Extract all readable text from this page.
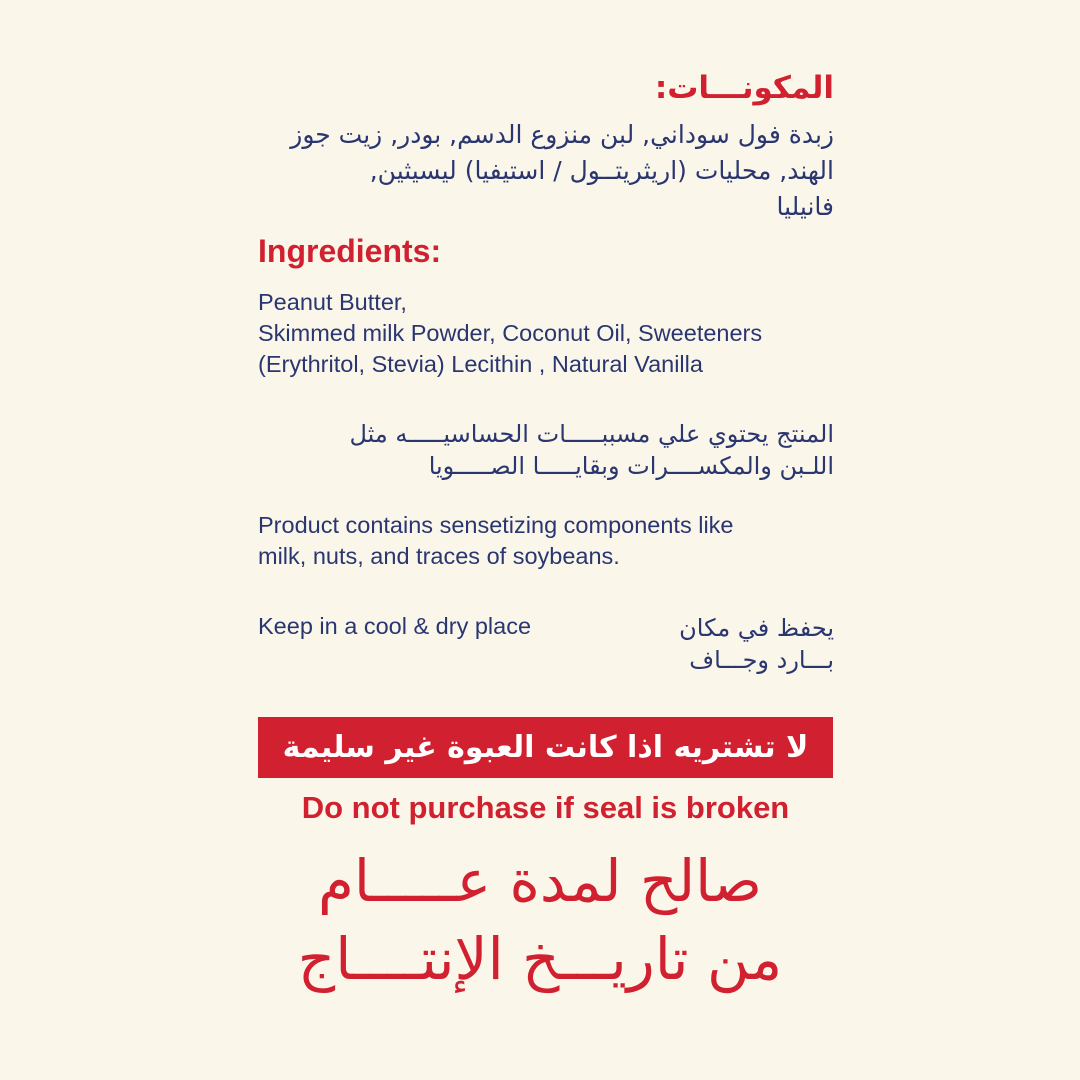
المكونـــات:
زبدة فول سوداني, لبن منزوع الدسم, بودر, زيت جوز
الهند, محليات (اريثريتــول / استيفيا) ليسيثين,
فانيليا
Ingredients:
Peanut Butter,
Skimmed milk Powder, Coconut Oil, Sweeteners
(Erythritol, Stevia) Lecithin , Natural Vanilla
المنتج يحتوي علي مسببـــــات الحساسيـــــه مثل
اللـبن والمكســــرات وبقايـــــا الصـــــويا
Product contains sensetizing components like
milk, nuts, and traces of soybeans.
Keep in a cool & dry place	يحفظ في مكان
بـــارد وجـــاف
لا تشتريه اذا كانت العبوة غير سليمة
Do not purchase if seal is broken
صالح لمدة عـــــام
من تاريـــخ الإنتــــاج
